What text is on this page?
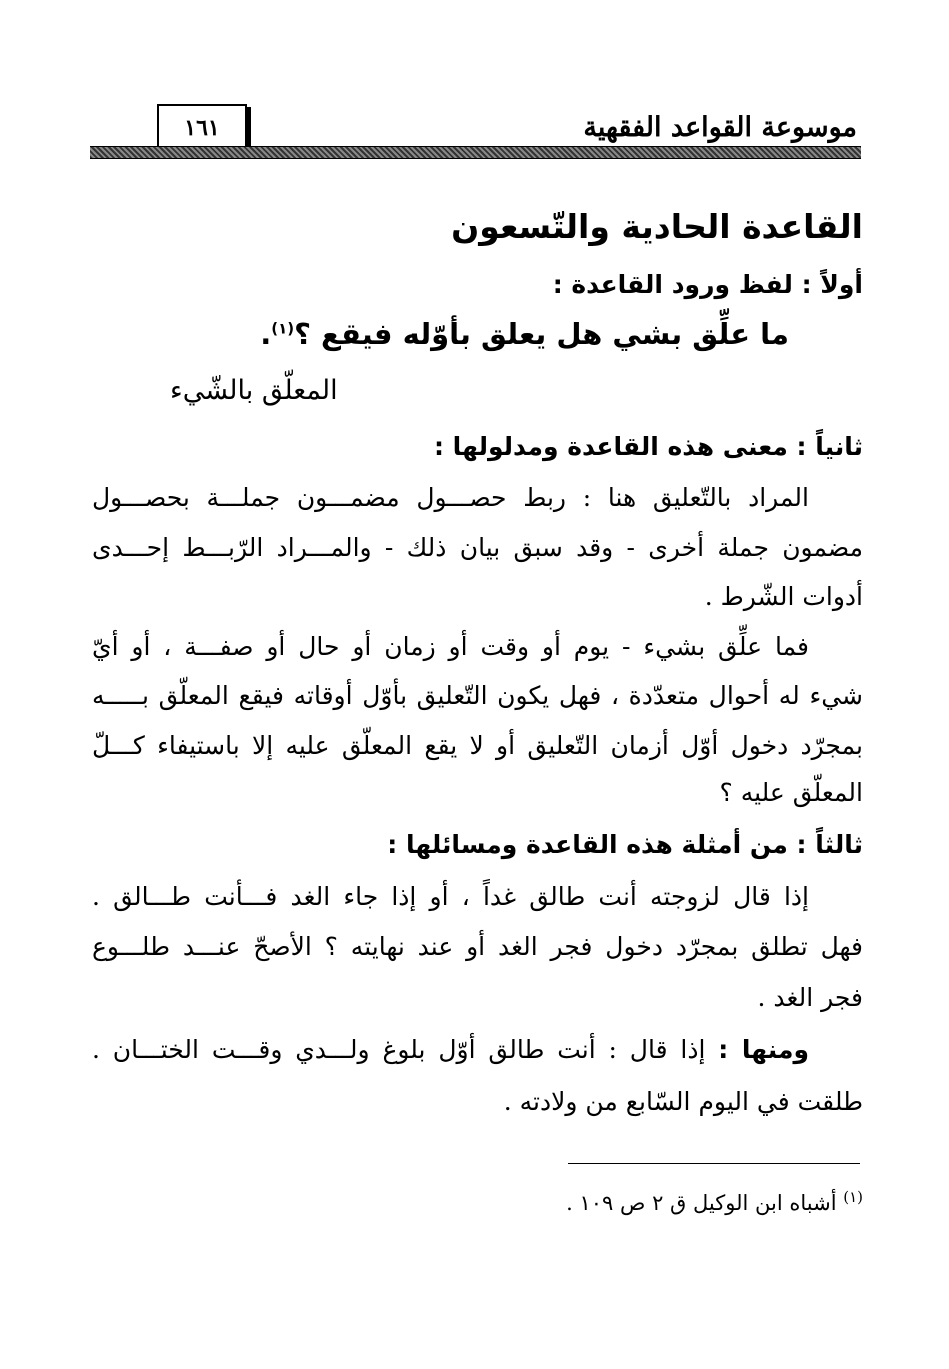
موسوعة القواعد الفقهية
١٦١
القاعدة الحادية والتّسعون
أولاً : لفظ ورود القاعدة :
ما علِّق بشي هل يعلق بأوّله فيقع ؟$^{(١)}$.
المعلّق بالشّيء
ثانياً : معنى هذه القاعدة ومدلولها :
المراد بالتّعليق هنا : ربط حصـــول مضمـــون جملـــة بحصـــول
مضمون جملة أخرى - وقد سبق بيان ذلك - والمـــراد الرّبـــط إحـــدى
أدوات الشّرط .
فما علِّق بشيء - يوم أو وقت أو زمان أو حال أو صفـــة ، أو أيّ
شيء له أحوال متعدّدة ، فهل يكون التّعليق بأوّل أوقاته فيقع المعلّق بـــــه
بمجرّد دخول أوّل أزمان التّعليق أو لا يقع المعلّق عليه إلا باستيفاء كـــلّ
المعلّق عليه ؟
ثالثاً : من أمثلة هذه القاعدة ومسائلها :
إذا قال لزوجته أنت طالق غداً ، أو إذا جاء الغد فـــأنت طـــالق .
فهل تطلق بمجرّد دخول فجر الغد أو عند نهايته ؟ الأصحّ عنـــد طلـــوع
فجر الغد .
ومنها : إذا قال : أنت طالق أوّل بلوغ ولـــدي وقـــت الختـــان .
طلقت في اليوم السّابع من ولادته .
$^{(١)}$ أشباه ابن الوكيل ق ٢ ص ١٠٩ .
